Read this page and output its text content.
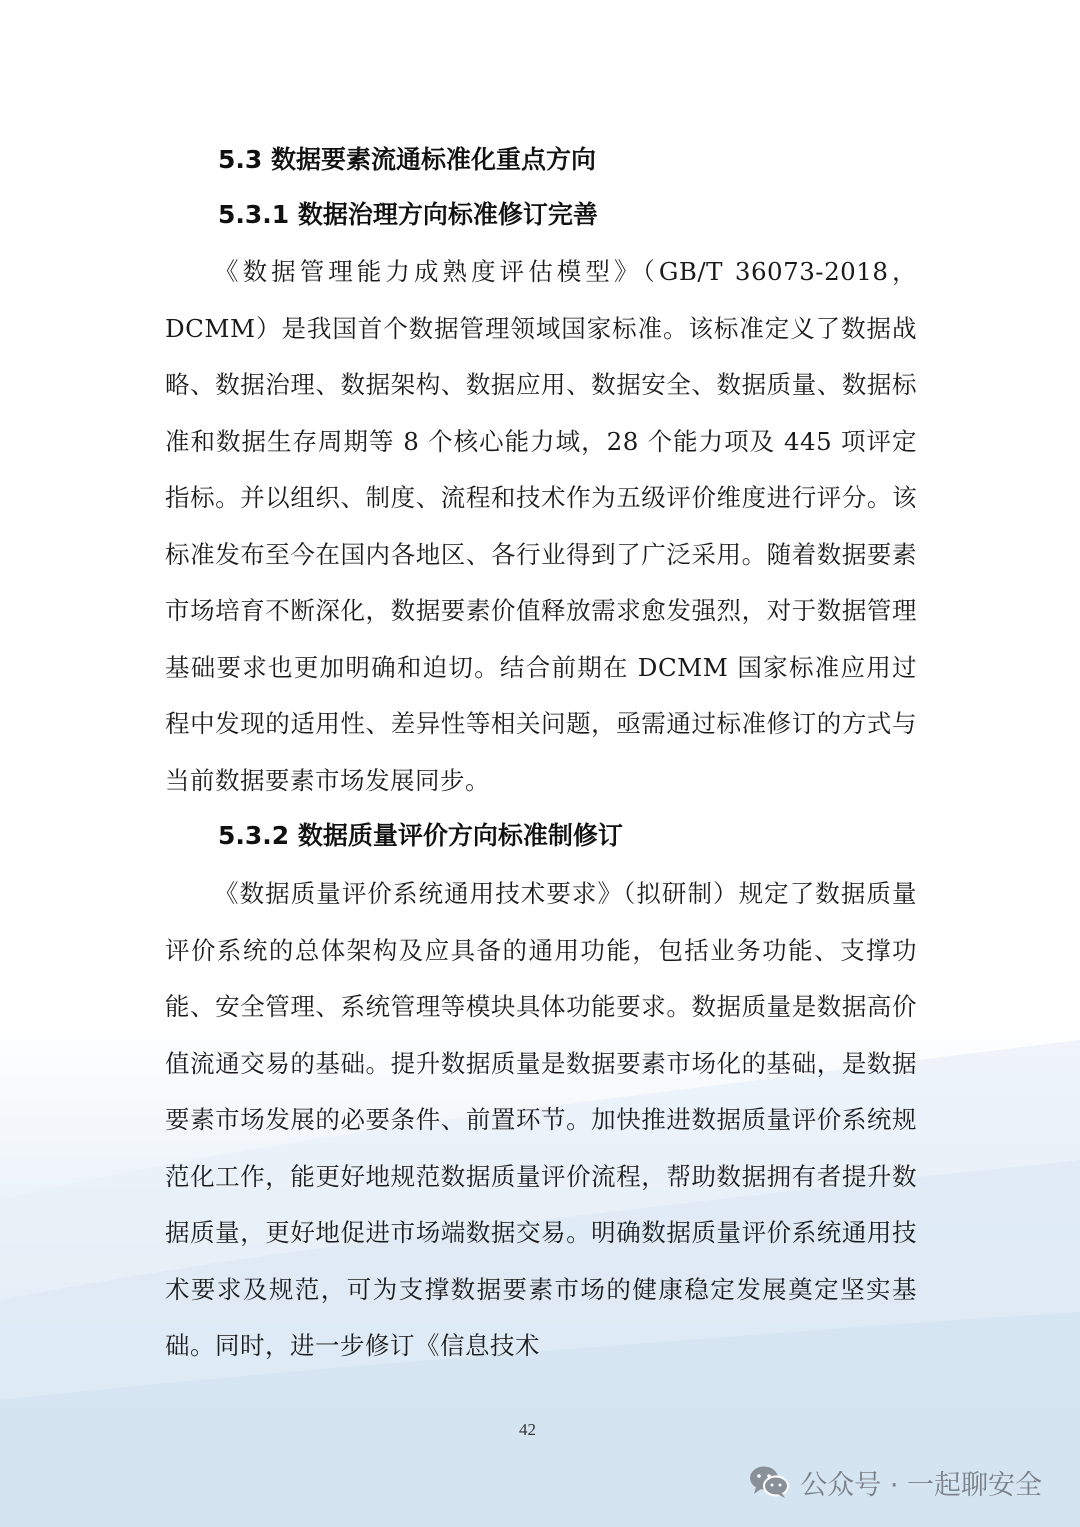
5.3 数据要素流通标准化重点方向
5.3.1 数据治理方向标准修订完善

《数据管理能力成熟度评估模型》（GB/T 36073-2018，DCMM）是我国首个数据管理领域国家标准。该标准定义了数据战略、数据治理、数据架构、数据应用、数据安全、数据质量、数据标准和数据生存周期等 8 个核心能力域，28 个能力项及 445 项评定指标。并以组织、制度、流程和技术作为五级评价维度进行评分。该标准发布至今在国内各地区、各行业得到了广泛采用。随着数据要素市场培育不断深化，数据要素价值释放需求愈发强烈，对于数据管理基础要求也更加明确和迫切。结合前期在 DCMM 国家标准应用过程中发现的适用性、差异性等相关问题，亟需通过标准修订的方式与当前数据要素市场发展同步。

5.3.2 数据质量评价方向标准制修订

《数据质量评价系统通用技术要求》（拟研制）规定了数据质量评价系统的总体架构及应具备的通用功能，包括业务功能、支撑功能、安全管理、系统管理等模块具体功能要求。数据质量是数据高价值流通交易的基础。提升数据质量是数据要素市场化的基础，是数据要素市场发展的必要条件、前置环节。加快推进数据质量评价系统规范化工作，能更好地规范数据质量评价流程，帮助数据拥有者提升数据质量，更好地促进市场端数据交易。明确数据质量评价系统通用技术要求及规范，可为支撑数据要素市场的健康稳定发展奠定坚实基础。同时，进一步修订《信息技术

42
公众号 · 一起聊安全
